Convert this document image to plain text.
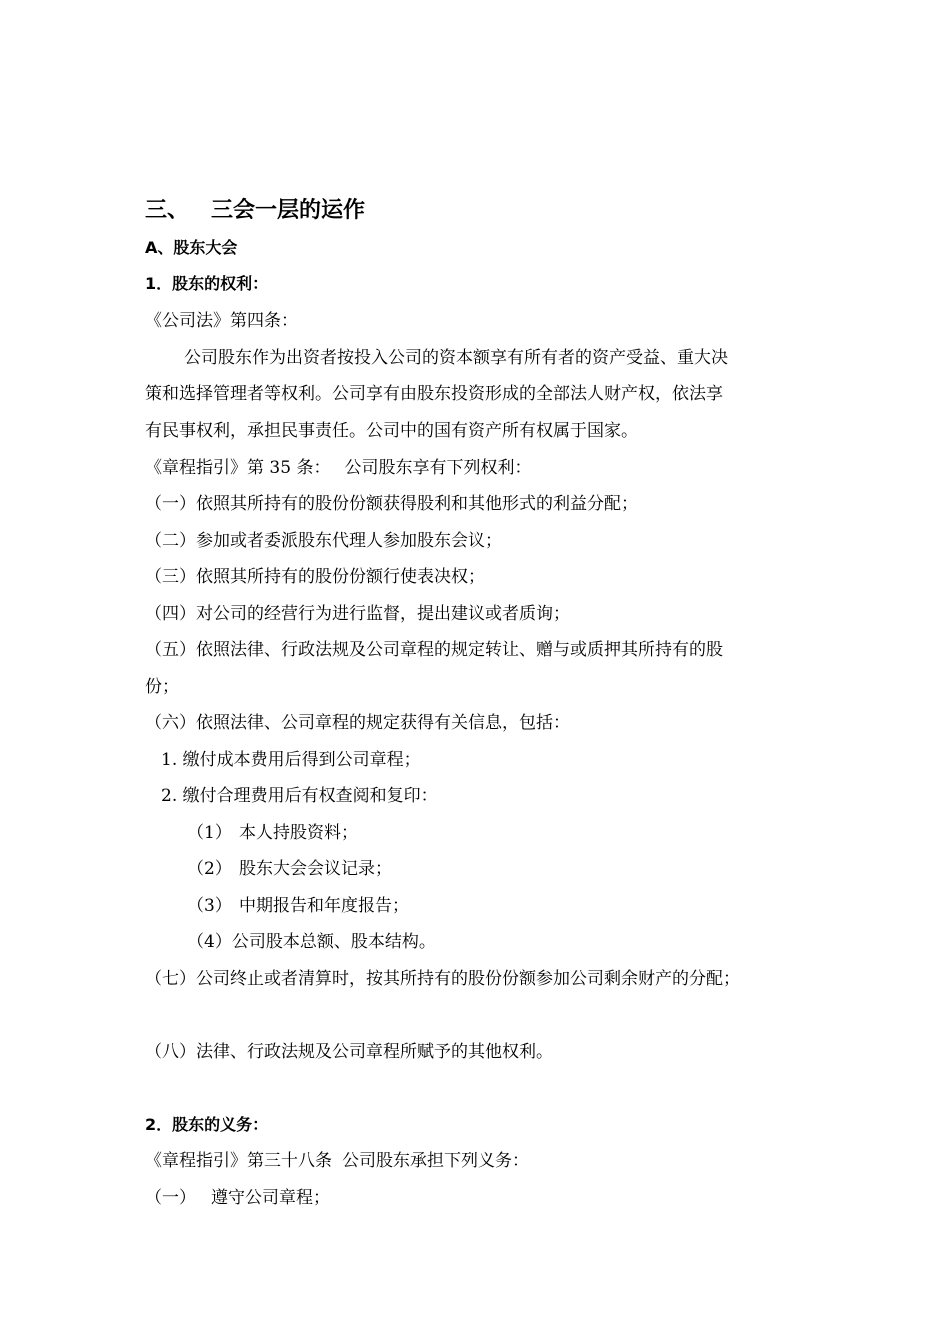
三、 三会一层的运作
A、股东大会
1．股东的权利：
《公司法》第四条：
公司股东作为出资者按投入公司的资本额享有所有者的资产受益、重大决
策和选择管理者等权利。公司享有由股东投资形成的全部法人财产权，依法享
有民事权利，承担民事责任。公司中的国有资产所有权属于国家。
《章程指引》第 35 条： 公司股东享有下列权利：
（一）依照其所持有的股份份额获得股利和其他形式的利益分配；
（二）参加或者委派股东代理人参加股东会议；
（三）依照其所持有的股份份额行使表决权；
（四）对公司的经营行为进行监督，提出建议或者质询；
（五）依照法律、行政法规及公司章程的规定转让、赠与或质押其所持有的股
份；
（六）依照法律、公司章程的规定获得有关信息，包括：
1. 缴付成本费用后得到公司章程；
2. 缴付合理费用后有权查阅和复印：
（1） 本人持股资料；
（2） 股东大会会议记录；
（3） 中期报告和年度报告；
（4）公司股本总额、股本结构。
（七）公司终止或者清算时，按其所持有的股份份额参加公司剩余财产的分配；
（八）法律、行政法规及公司章程所赋予的其他权利。
2．股东的义务：
《章程指引》第三十八条 公司股东承担下列义务：
（一） 遵守公司章程；
